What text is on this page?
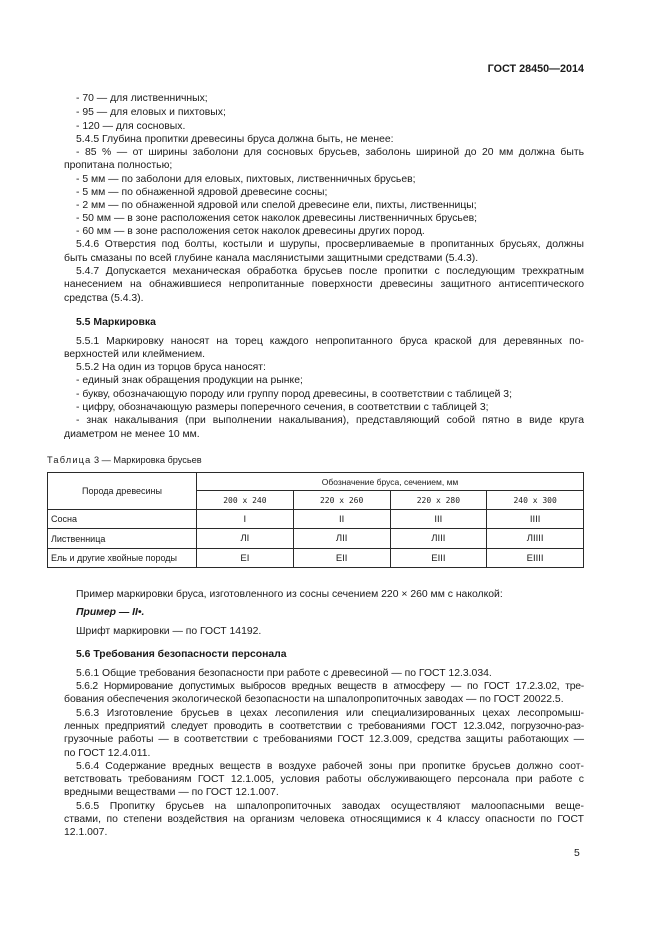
ГОСТ 28450—2014
- 70 — для лиственничных;
- 95 — для еловых и пихтовых;
- 120 — для сосновых.
5.4.5 Глубина пропитки древесины бруса должна быть, не менее:
- 85 % — от ширины заболони для сосновых брусьев, заболонь шириной до 20 мм должна быть
пропитана полностью;
- 5 мм — по заболони для еловых, пихтовых, лиственничных брусьев;
- 5 мм — по обнаженной ядровой древесине сосны;
- 2 мм — по обнаженной ядровой или спелой древесине ели, пихты, лиственницы;
- 50 мм — в зоне расположения сеток наколок древесины лиственничных брусьев;
- 60 мм — в зоне расположения сеток наколок древесины других пород.
5.4.6 Отверстия под болты, костыли и шурупы, просверливаемые в пропитанных брусьях, должны
быть смазаны по всей глубине канала маслянистыми защитными средствами (5.4.3).
5.4.7 Допускается механическая обработка брусьев после пропитки с последующим трехкратным
нанесением на обнажившиеся непропитанные поверхности древесины защитного антисептического
средства (5.4.3).
5.5 Маркировка
5.5.1 Маркировку наносят на торец каждого непропитанного бруса краской для деревянных по-
верхностей или клеймением.
5.5.2 На один из торцов бруса наносят:
- единый знак обращения продукции на рынке;
- букву, обозначающую породу или группу пород древесины, в соответствии с таблицей 3;
- цифру, обозначающую размеры поперечного сечения, в соответствии с таблицей 3;
- знак накалывания (при выполнении накалывания), представляющий собой пятно в виде круга
диаметром не менее 10 мм.
Таблица 3 — Маркировка брусьев
Порода древесины	Обозначение бруса, сечением, мм			
	200 x 240	220 x 260	220 x 280	240 x 300
Сосна	I	II	III	IIII
Лиственница	ЛI	ЛII	ЛIII	ЛIIII
Ель и другие хвойные породы	ЕI	ЕII	ЕIII	ЕIIII
Пример маркировки бруса, изготовленного из сосны сечением 220 × 260 мм с наколкой:
Пример — II•.
Шрифт маркировки — по ГОСТ 14192.
5.6 Требования безопасности персонала
5.6.1 Общие требования безопасности при работе с древесиной — по ГОСТ 12.3.034.
5.6.2 Нормирование допустимых выбросов вредных веществ в атмосферу — по ГОСТ 17.2.3.02, тре-
бования обеспечения экологической безопасности на шпалопропиточных заводах — по ГОСТ 20022.5.
5.6.3 Изготовление брусьев в цехах лесопиления или специализированных цехах лесопромыш-
ленных предприятий следует проводить в соответствии с требованиями ГОСТ 12.3.042, погрузочно-раз-
грузочные работы — в соответствии с требованиями ГОСТ 12.3.009, средства защиты работающих —
по ГОСТ 12.4.011.
5.6.4 Содержание вредных веществ в воздухе рабочей зоны при пропитке брусьев должно соот-
ветствовать требованиям ГОСТ 12.1.005, условия работы обслуживающего персонала при работе с
вредными веществами — по ГОСТ 12.1.007.
5.6.5 Пропитку брусьев на шпалопропиточных заводах осуществляют малоопасными веще-
ствами, по степени воздействия на организм человека относящимися к 4 классу опасности по ГОСТ
12.1.007.
5
